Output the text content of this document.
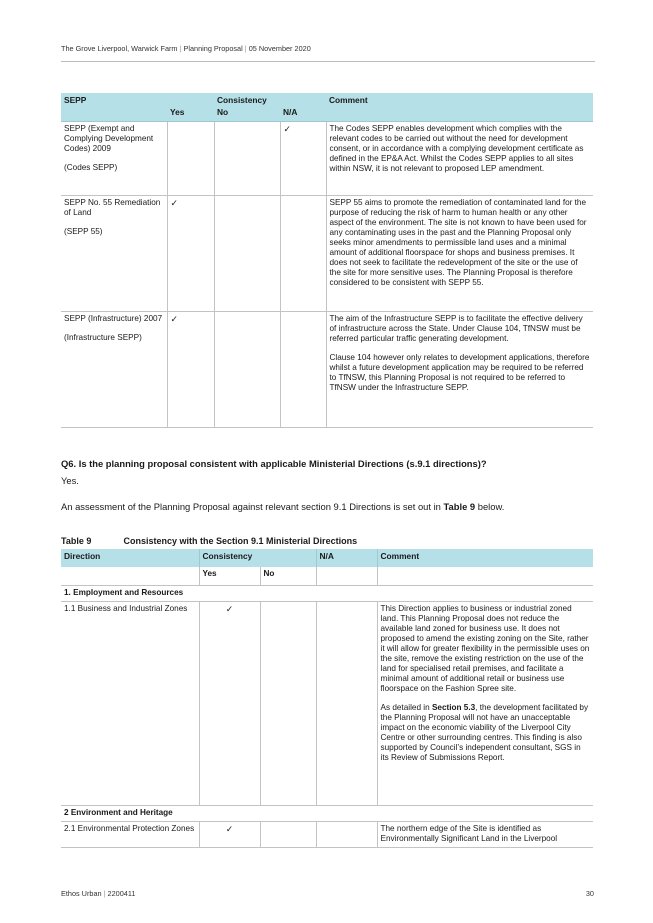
The Grove Liverpool, Warwick Farm | Planning Proposal | 05 November 2020
SEPP	Yes	Consistency
No	N/A	Comment
SEPP (Exempt and Complying Development Codes) 2009
(Codes SEPP)			✓	The Codes SEPP enables development which complies with the relevant codes to be carried out without the need for development consent, or in accordance with a complying development certificate as defined in the EP&A Act. Whilst the Codes SEPP applies to all sites within NSW, it is not relevant to proposed LEP amendment.
SEPP No. 55 Remediation of Land
(SEPP 55)	✓			SEPP 55 aims to promote the remediation of contaminated land for the purpose of reducing the risk of harm to human health or any other aspect of the environment. The site is not known to have been used for any contaminating uses in the past and the Planning Proposal only seeks minor amendments to permissible land uses and a minimal amount of additional floorspace for shops and business premises. It does not seek to facilitate the redevelopment of the site or the use of the site for more sensitive uses. The Planning Proposal is therefore considered to be consistent with SEPP 55.
SEPP (Infrastructure) 2007
(Infrastructure SEPP)	✓			The aim of the Infrastructure SEPP is to facilitate the effective delivery of infrastructure across the State. Under Clause 104, TfNSW must be referred particular traffic generating development.
Clause 104 however only relates to development applications, therefore whilst a future development application may be required to be referred to TfNSW, this Planning Proposal is not required to be referred to TfNSW under the Infrastructure SEPP.
Q6. Is the planning proposal consistent with applicable Ministerial Directions (s.9.1 directions)?
Yes.
An assessment of the Planning Proposal against relevant section 9.1 Directions is set out in Table 9 below.
Table 9	Consistency with the Section 9.1 Ministerial Directions
Direction	Consistency		N/A	Comment
	Yes	No		
1. Employment and Resources				
1.1 Business and Industrial Zones	✓			This Direction applies to business or industrial zoned land. This Planning Proposal does not reduce the available land zoned for business use. It does not proposed to amend the existing zoning on the Site, rather it will allow for greater flexibility in the permissible uses on the site, remove the existing restriction on the use of the land for specialised retail premises, and facilitate a minimal amount of additional retail or business use floorspace on the Fashion Spree site.
As detailed in Section 5.3, the development facilitated by the Planning Proposal will not have an unacceptable impact on the economic viability of the Liverpool City Centre or other surrounding centres. This finding is also supported by Council’s independent consultant, SGS in its Review of Submissions Report.
2 Environment and Heritage				
2.1 Environmental Protection Zones	✓			The northern edge of the Site is identified as Environmentally Significant Land in the Liverpool
Ethos Urban | 2200411	30
